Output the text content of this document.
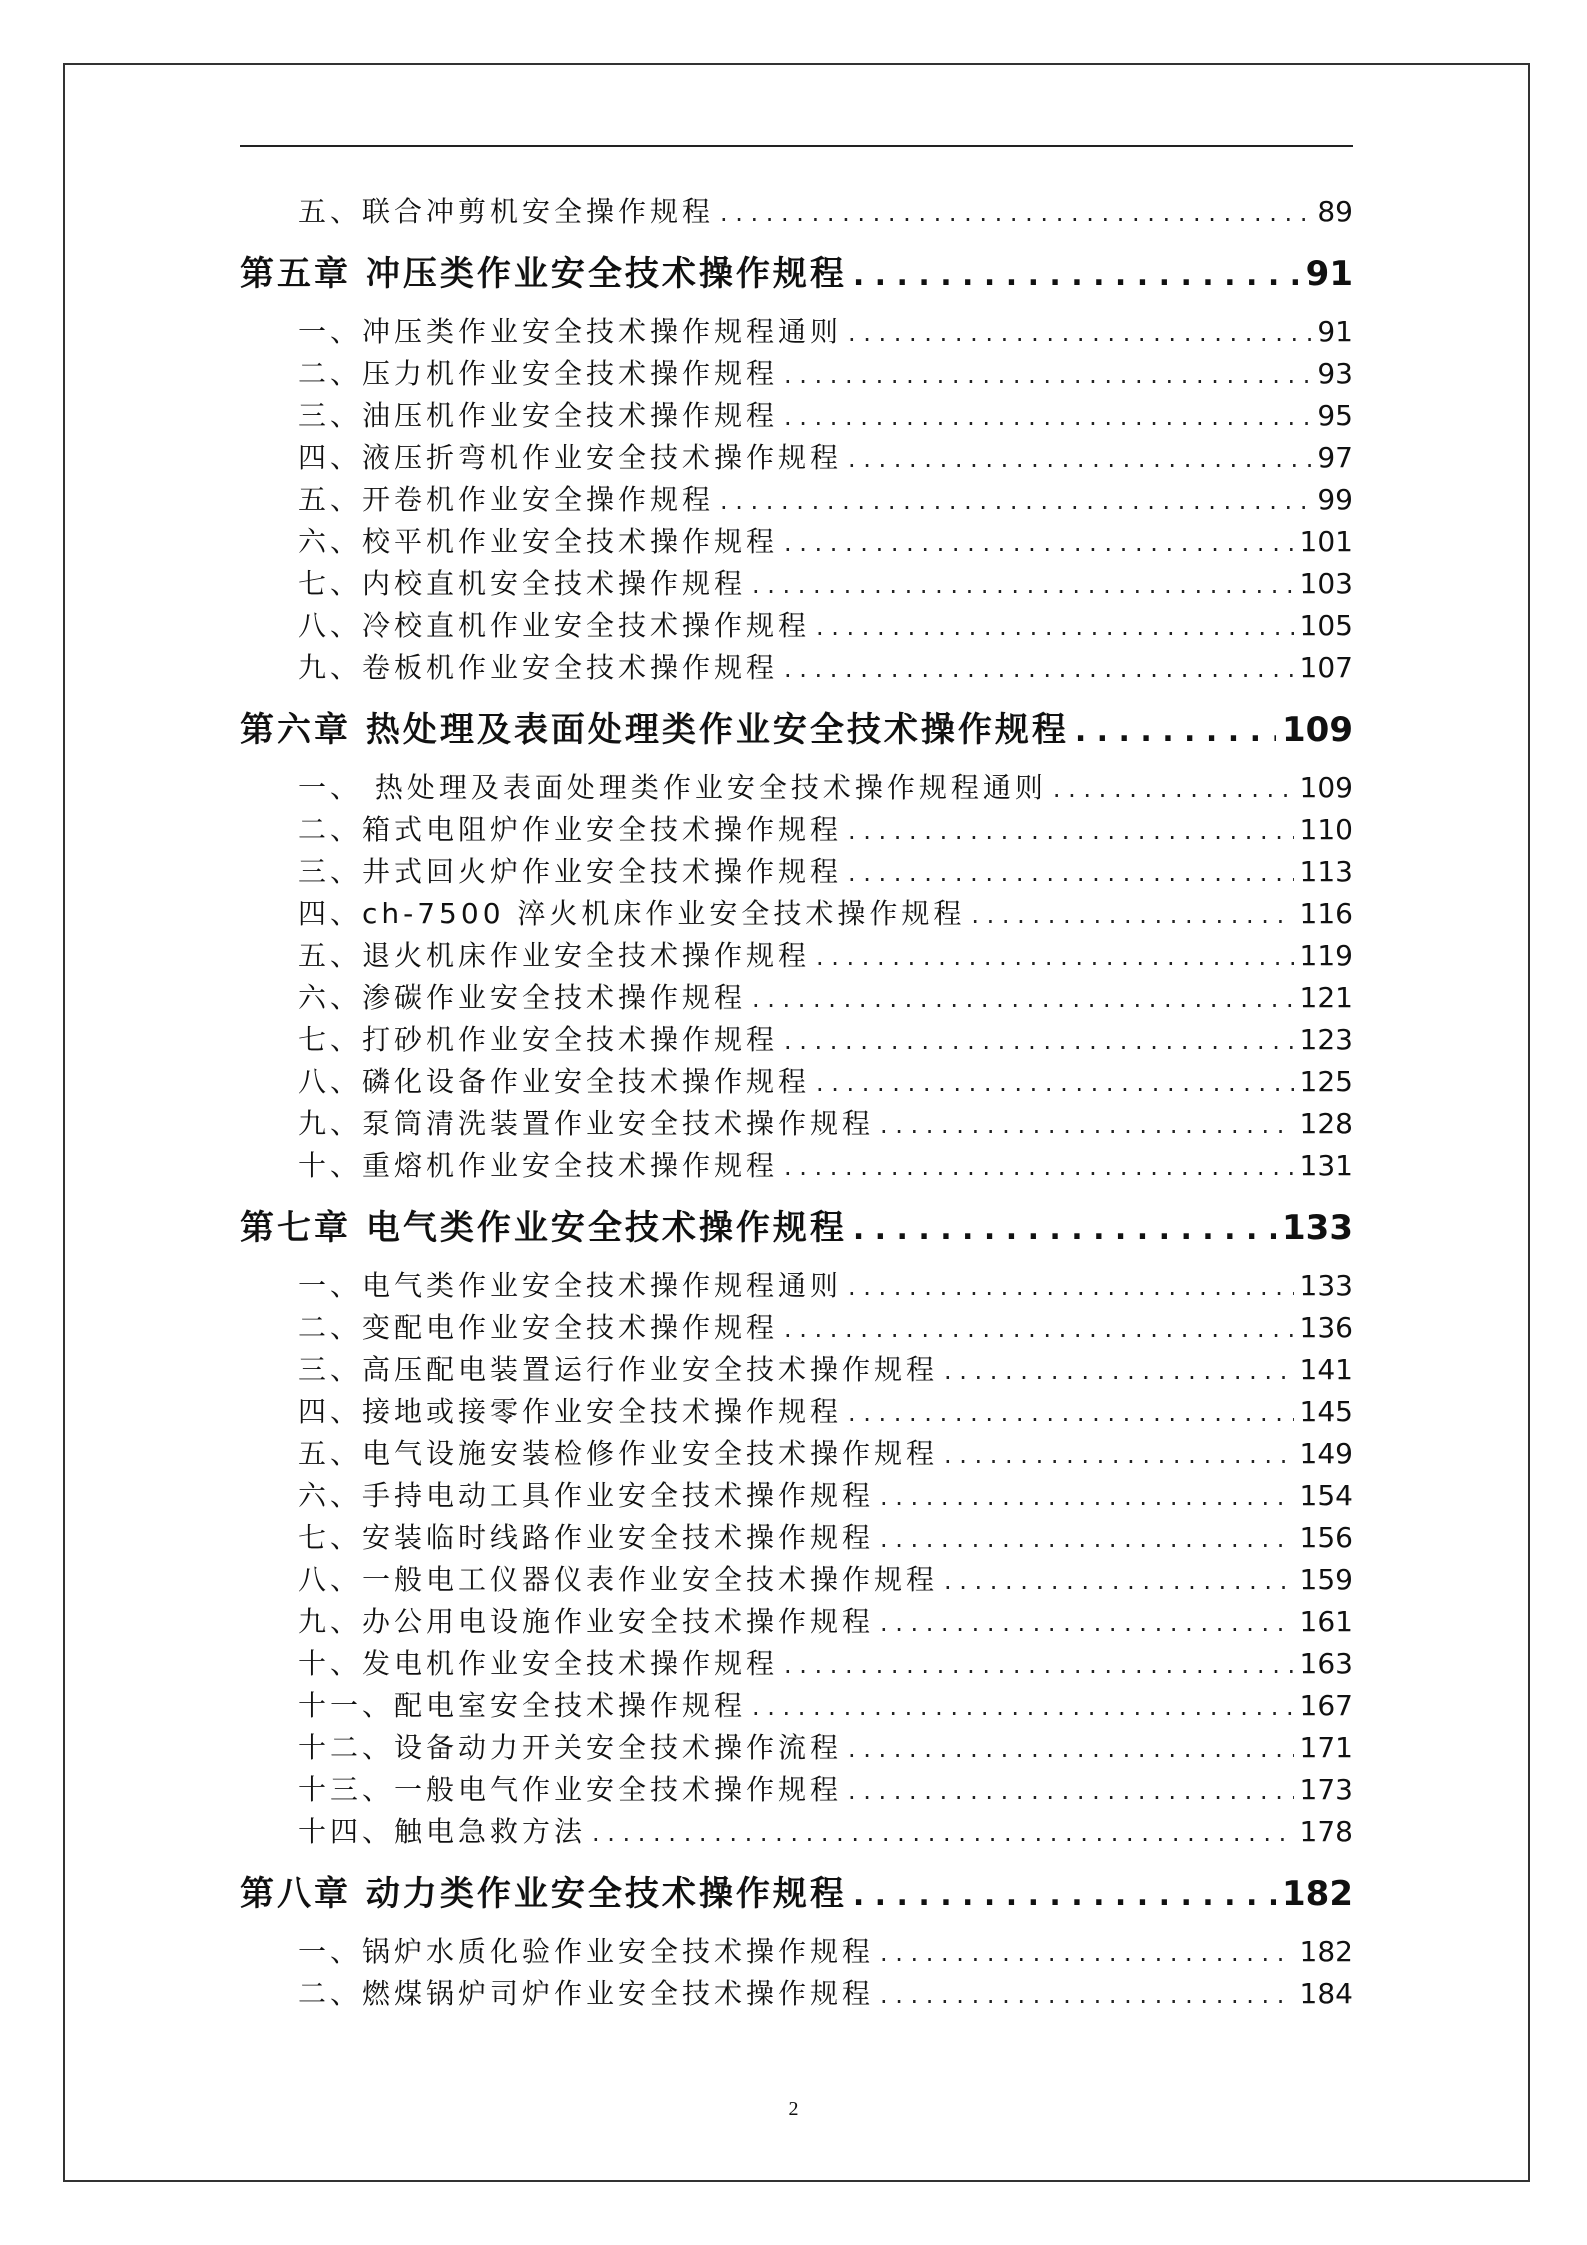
五、联合冲剪机安全操作规程 . . .	89
第五章 冲压类作业安全技术操作规程 . . .	91
一、冲压类作业安全技术操作规程通则 . . .	91
二、压力机作业安全技术操作规程 . . .	93
三、油压机作业安全技术操作规程 . . .	95
四、液压折弯机作业安全技术操作规程 . . .	97
五、开卷机作业安全操作规程 . . .	99
六、校平机作业安全技术操作规程 . . .	101
七、内校直机安全技术操作规程 . . .	103
八、冷校直机作业安全技术操作规程 . . .	105
九、卷板机作业安全技术操作规程 . . .	107
第六章 热处理及表面处理类作业安全技术操作规程 . . .	109
一、 热处理及表面处理类作业安全技术操作规程通则 . . .	109
二、箱式电阻炉作业安全技术操作规程 . . .	110
三、井式回火炉作业安全技术操作规程 . . .	113
四、ch-7500 淬火机床作业安全技术操作规程 . . .	116
五、退火机床作业安全技术操作规程 . . .	119
六、渗碳作业安全技术操作规程 . . .	121
七、打砂机作业安全技术操作规程 . . .	123
八、磷化设备作业安全技术操作规程 . . .	125
九、泵筒清洗装置作业安全技术操作规程 . . .	128
十、重熔机作业安全技术操作规程 . . .	131
第七章 电气类作业安全技术操作规程 . . .	133
一、电气类作业安全技术操作规程通则 . . .	133
二、变配电作业安全技术操作规程 . . .	136
三、高压配电装置运行作业安全技术操作规程 . . .	141
四、接地或接零作业安全技术操作规程 . . .	145
五、电气设施安装检修作业安全技术操作规程 . . .	149
六、手持电动工具作业安全技术操作规程 . . .	154
七、安装临时线路作业安全技术操作规程 . . .	156
八、一般电工仪器仪表作业安全技术操作规程 . . .	159
九、办公用电设施作业安全技术操作规程 . . .	161
十、发电机作业安全技术操作规程 . . .	163
十一、配电室安全技术操作规程 . . .	167
十二、设备动力开关安全技术操作流程 . . .	171
十三、一般电气作业安全技术操作规程 . . .	173
十四、触电急救方法 . . .	178
第八章 动力类作业安全技术操作规程 . . .	182
一、锅炉水质化验作业安全技术操作规程 . . .	182
二、燃煤锅炉司炉作业安全技术操作规程 . . .	184
2
